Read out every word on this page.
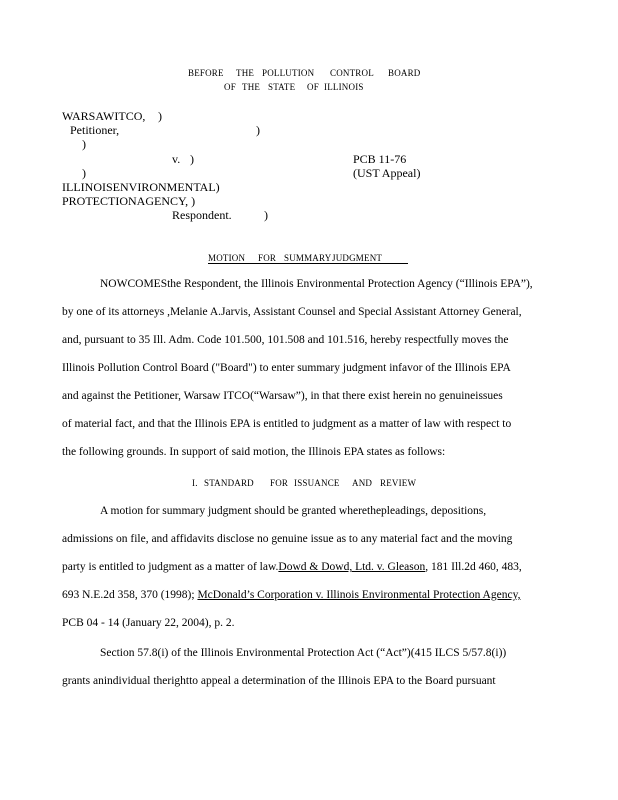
BEFORE THE POLLUTION CONTROL BOARD
OF THE STATE OF ILLINOIS
WARSAWITCO, )
Petitioner,	)
)
v. )	PCB 11-76
)	(UST Appeal)
ILLINOISENVIRONMENTAL)
PROTECTIONAGENCY, )
Respondent.	)
MOTION FOR SUMMARY JUDGMENT
NOWCOMESthe Respondent, the Illinois Environmental Protection Agency (“Illinois EPA”),
by one of its attorneys ,Melanie A.Jarvis, Assistant Counsel and Special Assistant Attorney General,
and, pursuant to 35 Ill. Adm. Code 101.500, 101.508 and 101.516, hereby respectfully moves the
Illinois Pollution Control Board ("Board") to enter summary judgment infavor of the Illinois EPA
and against the Petitioner, Warsaw ITCO(“Warsaw”), in that there exist herein no genuineissues
of material fact, and that the Illinois EPA is entitled to judgment as a matter of law with respect to
the following grounds. In support of said motion, the Illinois EPA states as follows:
I. STANDARD FOR ISSUANCE AND REVIEW
A motion for summary judgment should be granted wherethepleadings, depositions,
admissions on file, and affidavits disclose no genuine issue as to any material fact and the moving
party is entitled to judgment as a matter of law.Dowd & Dowd, Ltd. v. Gleason, 181 Ill.2d 460, 483,
693 N.E.2d 358, 370 (1998); McDonald’s Corporation v. Illinois Environmental Protection Agency,
PCB 04 - 14 (January 22, 2004), p. 2.
Section 57.8(i) of the Illinois Environmental Protection Act (“Act”)(415 ILCS 5/57.8(i))
grants anindividual therightto appeal a determination of the Illinois EPA to the Board pursuant
